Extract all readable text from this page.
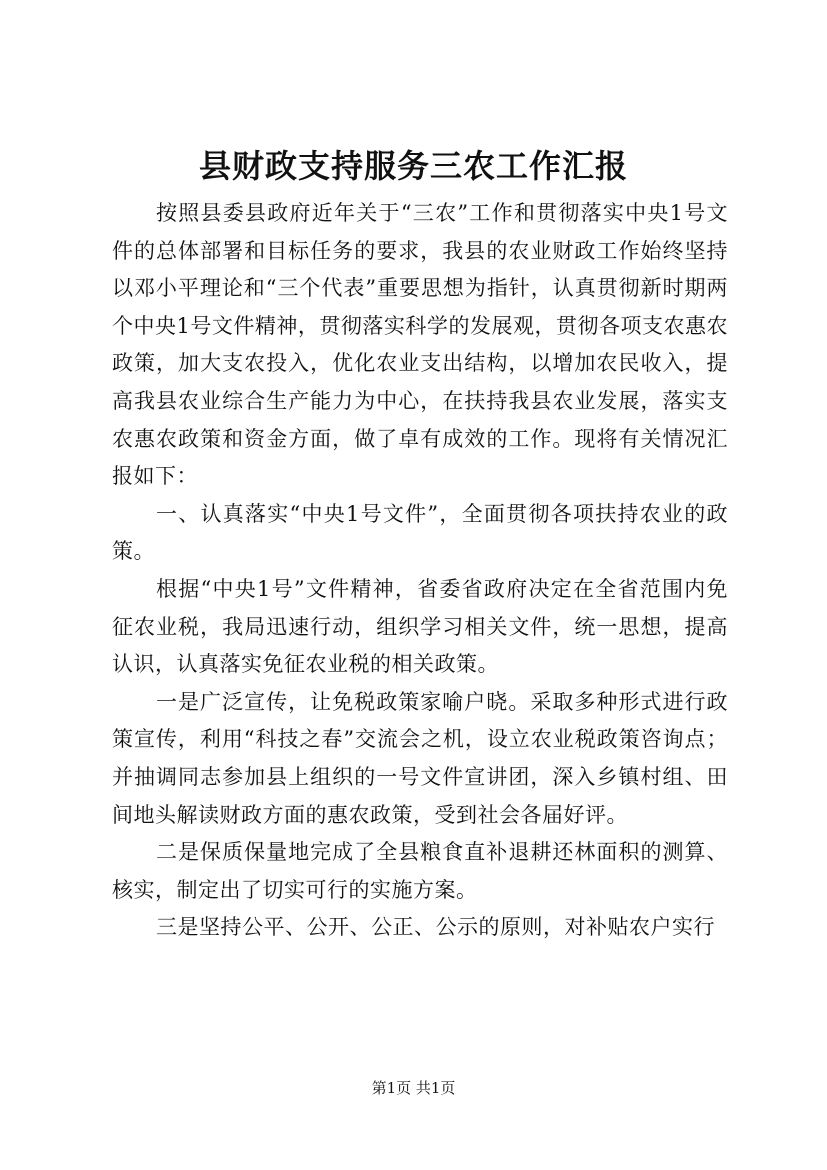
县财政支持服务三农工作汇报

按照县委县政府近年关于“三农”工作和贯彻落实中央1号文件的总体部署和目标任务的要求，我县的农业财政工作始终坚持以邓小平理论和“三个代表”重要思想为指针，认真贯彻新时期两个中央1号文件精神，贯彻落实科学的发展观，贯彻各项支农惠农政策，加大支农投入，优化农业支出结构，以增加农民收入，提高我县农业综合生产能力为中心，在扶持我县农业发展，落实支农惠农政策和资金方面，做了卓有成效的工作。现将有关情况汇报如下：

一、认真落实“中央1号文件”，全面贯彻各项扶持农业的政策。

根据“中央1号”文件精神，省委省政府决定在全省范围内免征农业税，我局迅速行动，组织学习相关文件，统一思想，提高认识，认真落实免征农业税的相关政策。

一是广泛宣传，让免税政策家喻户晓。采取多种形式进行政策宣传，利用“科技之春”交流会之机，设立农业税政策咨询点；并抽调同志参加县上组织的一号文件宣讲团，深入乡镇村组、田间地头解读财政方面的惠农政策，受到社会各届好评。

二是保质保量地完成了全县粮食直补退耕还林面积的测算、核实，制定出了切实可行的实施方案。

三是坚持公平、公开、公正、公示的原则，对补贴农户实行

第1页 共1页
